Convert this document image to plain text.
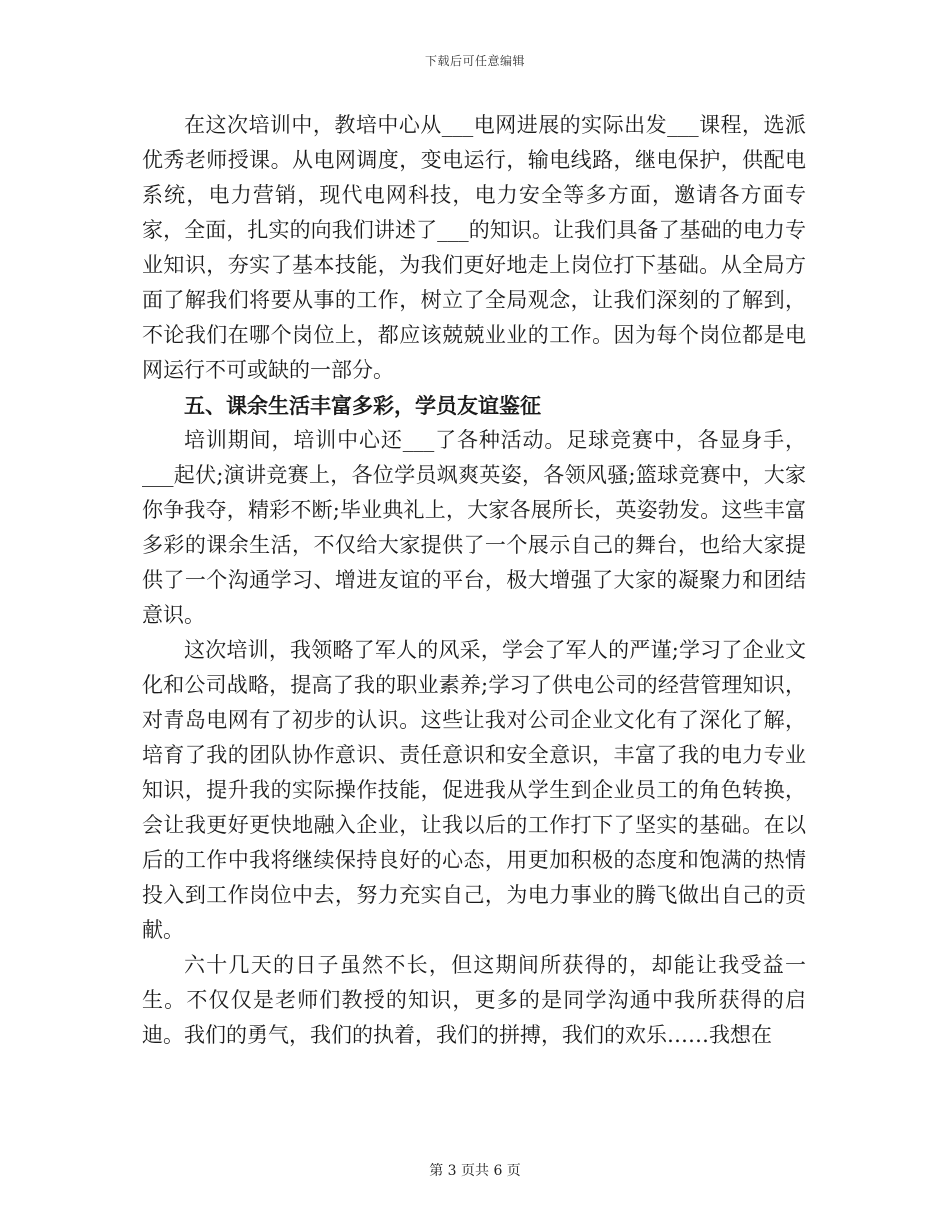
下载后可任意编辑

在这次培训中，教培中心从___电网进展的实际出发___课程，选派优秀老师授课。从电网调度，变电运行，输电线路，继电保护，供配电系统，电力营销，现代电网科技，电力安全等多方面，邀请各方面专家，全面，扎实的向我们讲述了___的知识。让我们具备了基础的电力专业知识，夯实了基本技能，为我们更好地走上岗位打下基础。从全局方面了解我们将要从事的工作，树立了全局观念，让我们深刻的了解到，不论我们在哪个岗位上，都应该兢兢业业的工作。因为每个岗位都是电网运行不可或缺的一部分。

五、课余生活丰富多彩，学员友谊鉴征

培训期间，培训中心还___了各种活动。足球竞赛中，各显身手，___起伏;演讲竞赛上，各位学员飒爽英姿，各领风骚;篮球竞赛中，大家你争我夺，精彩不断;毕业典礼上，大家各展所长，英姿勃发。这些丰富多彩的课余生活，不仅给大家提供了一个展示自己的舞台，也给大家提供了一个沟通学习、增进友谊的平台，极大增强了大家的凝聚力和团结意识。

这次培训，我领略了军人的风采，学会了军人的严谨;学习了企业文化和公司战略，提高了我的职业素养;学习了供电公司的经营管理知识，对青岛电网有了初步的认识。这些让我对公司企业文化有了深化了解，培育了我的团队协作意识、责任意识和安全意识，丰富了我的电力专业知识，提升我的实际操作技能，促进我从学生到企业员工的角色转换，会让我更好更快地融入企业，让我以后的工作打下了坚实的基础。在以后的工作中我将继续保持良好的心态，用更加积极的态度和饱满的热情投入到工作岗位中去，努力充实自己，为电力事业的腾飞做出自己的贡献。

六十几天的日子虽然不长，但这期间所获得的，却能让我受益一生。不仅仅是老师们教授的知识，更多的是同学沟通中我所获得的启迪。我们的勇气，我们的执着，我们的拼搏，我们的欢乐……我想在

第 3 页共 6 页
